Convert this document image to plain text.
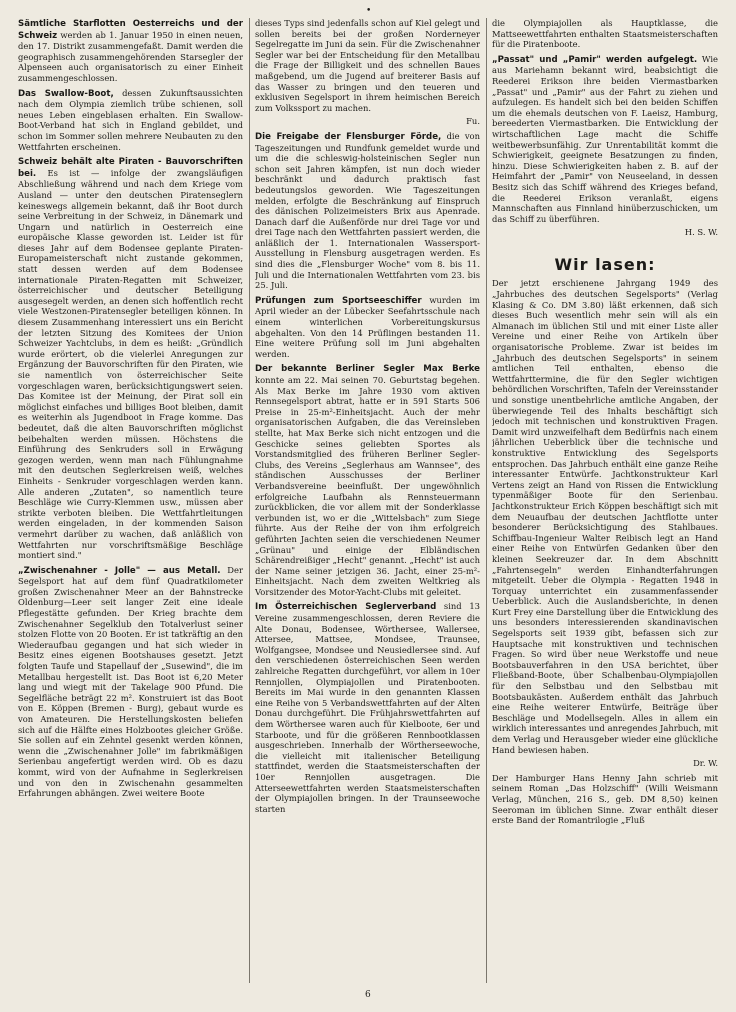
•

Sämtliche Starflotten Oesterreichs und der Schweiz werden ab 1. Januar 1950 in einen neuen, den 17. Distrikt zusammengefaßt. Damit werden die geographisch zusammengehörenden Starsegler der Alpenseen auch organisatorisch zu einer Einheit zusammengeschlossen.

Das Swallow-Boot, dessen Zukunftsaussichten nach dem Olympia ziemlich trübe schienen, soll neues Leben eingeblasen erhalten. Ein Swallow-Boot-Verband hat sich in England gebildet, und schon im Sommer sollen mehrere Neubauten zu den Wettfahrten erscheinen.

Schweiz behält alte Piraten - Bauvorschriften bei. Es ist — infolge der zwangsläufigen Abschließung während und nach dem Kriege vom Ausland — unter den deutschen Piratenseglern keineswegs allgemein bekannt, daß ihr Boot durch seine Verbreitung in der Schweiz, in Dänemark und Ungarn und natürlich in Oesterreich eine europäische Klasse geworden ist. Leider ist für dieses Jahr auf dem Bodensee geplante Piraten-Europameisterschaft nicht zustande gekommen, statt dessen werden auf dem Bodensee internationale Piraten-Regatten mit Schweizer, österreichischer und deutscher Beteiligung ausgesegelt werden, an denen sich hoffentlich recht viele Westzonen-Piratensegler beteiligen können. In diesem Zusammenhang interessiert uns ein Bericht der letzten Sitzung des Komitees der Union Schweizer Yachtclubs, in dem es heißt: „Gründlich wurde erörtert, ob die vielerlei Anregungen zur Ergänzung der Bauvorschriften für den Piraten, wie sie namentlich von österreichischer Seite vorgeschlagen waren, berücksichtigungswert seien. Das Komitee ist der Meinung, der Pirat soll ein möglichst einfaches und billiges Boot bleiben, damit es weiterhin als Jugendboot in Frage komme. Das bedeutet, daß die alten Bauvorschriften möglichst beibehalten werden müssen. Höchstens die Einführung des Senkruders soll in Erwägung gezogen werden, wenn man nach Fühlungnahme mit den deutschen Seglerkreisen weiß, welches Einheits - Senkruder vorgeschlagen werden kann. Alle anderen „Zutaten", so namentlich teure Beschläge wie Curry-Klemmen usw., müssen aber strikte verboten bleiben. Die Wettfahrtleitungen werden eingeladen, in der kommenden Saison vermehrt darüber zu wachen, daß anläßlich von Wettfahrten nur vorschriftsmäßige Beschläge montiert sind."

„Zwischenahner - Jolle" — aus Metall. Der Segelsport hat auf dem fünf Quadratkilometer großen Zwischenahner Meer an der Bahnstrecke Oldenburg—Leer seit langer Zeit eine ideale Pflegestätte gefunden. Der Krieg brachte dem Zwischenahner Segelklub den Totalverlust seiner stolzen Flotte von 20 Booten. Er ist tatkräftig an den Wiederaufbau gegangen und hat sich wieder in Besitz eines eigenen Bootshauses gesetzt. Jetzt folgten Taufe und Stapellauf der „Susewind", die im Metallbau hergestellt ist. Das Boot ist 6,20 Meter lang und wiegt mit der Takelage 900 Pfund. Die Segelfläche beträgt 22 m². Konstruiert ist das Boot von E. Köppen (Bremen - Burg), gebaut wurde es von Amateuren. Die Herstellungskosten beliefen sich auf die Hälfte eines Holzbootes gleicher Größe. Sie sollen auf ein Zehntel gesenkt werden können, wenn die „Zwischenahner Jolle" im fabrikmäßigen Serienbau angefertigt werden wird. Ob es dazu kommt, wird von der Aufnahme in Seglerkreisen und von den in Zwischenahn gesammelten Erfahrungen abhängen. Zwei weitere Boote

dieses Typs sind jedenfalls schon auf Kiel gelegt und sollen bereits bei der großen Norderneyer Segelregatte im Juni da sein. Für die Zwischenahner Segler war bei der Entscheidung für den Metallbau die Frage der Billigkeit und des schnellen Baues maßgebend, um die Jugend auf breiterer Basis auf das Wasser zu bringen und den teueren und exklusiven Segelsport in ihrem heimischen Bereich zum Volkssport zu machen.

Fu.

Die Freigabe der Flensburger Förde, die von Tageszeitungen und Rundfunk gemeldet wurde und um die die schleswig-holsteinischen Segler nun schon seit Jahren kämpfen, ist nun doch wieder beschränkt und dadurch praktisch fast bedeutungslos geworden. Wie Tageszeitungen melden, erfolgte die Beschränkung auf Einspruch des dänischen Polizeimeisters Brix aus Apenrade. Danach darf die Außenförde nur drei Tage vor und drei Tage nach den Wettfahrten passiert werden, die anläßlich der 1. Internationalen Wassersport-Ausstellung in Flensburg ausgetragen werden. Es sind dies die „Flensburger Woche" vom 8. bis 11. Juli und die Internationalen Wettfahrten vom 23. bis 25. Juli.

Prüfungen zum Sportseeschiffer wurden im April wieder an der Lübecker Seefahrtsschule nach einem winterlichen Vorbereitungskursus abgehalten. Von den 14 Prüflingen bestanden 11. Eine weitere Prüfung soll im Juni abgehalten werden.

Der bekannte Berliner Segler Max Berke konnte am 22. Mai seinen 70. Geburtstag begehen. Als Max Berke im Jahre 1930 vom aktiven Rennsegelsport abtrat, hatte er in 591 Starts 506 Preise in 25-m²-Einheitsjacht. Auch der mehr organisatorischen Aufgaben, die das Vereinsleben stellte, hat Max Berke sich nicht entzogen und die Geschicke seines geliebten Sportes als Vorstandsmitglied des früheren Berliner Segler-Clubs, des Vereins „Seglerhaus am Wannsee", des ständischen Ausschusses der Berliner Verbandsvereine beeinflußt. Der ungewöhnlich erfolgreiche Laufbahn als Rennsteuermann zurückblicken, die vor allem mit der Sonderklasse verbunden ist, wo er die „Wittelsbach" zum Siege führte. Aus der Reihe der von ihm erfolgreich geführten Jachten seien die verschiedenen Neumer „Grünau" und einige der Elbländischen Schärendreißiger „Hecht" genannt. „Hecht" ist auch der Name seiner jetzigen 36. Jacht, einer 25-m²-Einheitsjacht. Nach dem zweiten Weltkrieg als Vorsitzender des Motor-Yacht-Clubs mit geleitet.

Im Österreichischen Seglerverband sind 13 Vereine zusammengeschlossen, deren Reviere die Alte Donau, Bodensee, Wörthersee, Wallersee, Attersee, Mattsee, Mondsee, Traunsee, Wolfgangsee, Mondsee und Neusiedlersee sind. Auf den verschiedenen österreichischen Seen werden zahlreiche Regatten durchgeführt, vor allem in 10er Rennjollen, Olympiajollen und Piratenbooten. Bereits im Mai wurde in den genannten Klassen eine Reihe von 5 Verbandswettfahrten auf der Alten Donau durchgeführt. Die Frühjahrswettfahrten auf dem Wörthersee waren auch für Kielboote, 6er und Starboote, und für die größeren Rennbootklassen ausgeschrieben. Innerhalb der Wörtherseewoche, die vielleicht mit italienischer Beteiligung stattfindet, werden die Staatsmeisterschaften der 10er Rennjollen ausgetragen. Die Atterseewettfahrten werden Staatsmeisterschaften der Olympiajollen bringen. In der Traunseewoche starten

die Olympiajollen als Hauptklasse, die Mattseewettfahrten enthalten Staatsmeisterschaften für die Piratenboote.

„Passat" und „Pamir" werden aufgelegt. Wie aus Mariehamn bekannt wird, beabsichtigt die Reederei Erikson ihre beiden Viermastbarken „Passat" und „Pamir" aus der Fahrt zu ziehen und aufzulegen. Es handelt sich bei den beiden Schiffen um die ehemals deutschen von F. Laeisz, Hamburg, bereederten Viermastbarken. Die Entwicklung der wirtschaftlichen Lage macht die Schiffe weitbewerbsunfähig. Zur Unrentabilität kommt die Schwierigkeit, geeignete Besatzungen zu finden, hinzu. Diese Schwierigkeiten haben z. B. auf der Heimfahrt der „Pamir" von Neuseeland, in dessen Besitz sich das Schiff während des Krieges befand, die Reederei Erikson veranlaßt, eigens Mannschaften aus Finnland hinüberzuschicken, um das Schiff zu überführen.

H. S. W.
Wir lasen:

Der jetzt erschienene Jahrgang 1949 des „Jahrbuches des deutschen Segelsports" (Verlag Klasing & Co. DM 3.80) läßt erkennen, daß sich dieses Buch wesentlich mehr sein will als ein Almanach im üblichen Stil und mit einer Liste aller Vereine und einer Reihe von Artikeln über organisatorische Probleme. Zwar ist beides im „Jahrbuch des deutschen Segelsports" in seinem amtlichen Teil enthalten, ebenso die Wettfahrttermine, die für den Segler wichtigen behördlichen Vorschriften, Tafeln der Vereinsstander und sonstige unentbehrliche amtliche Angaben, der überwiegende Teil des Inhalts beschäftigt sich jedoch mit technischen und konstruktiven Fragen. Damit wird unzweifelhaft dem Bedürfnis nach einem jährlichen Ueberblick über die technische und konstruktive Entwicklung des Segelsports entsprochen. Das Jahrbuch enthält eine ganze Reihe interessanter Entwürfe. Jachtkonstrukteur Karl Vertens zeigt an Hand von Rissen die Entwicklung typenmäßiger Boote für den Serienbau. Jachtkonstrukteur Erich Köppen beschäftigt sich mit dem Neuaufbau der deutschen Jachtflotte unter besonderer Berücksichtigung des Stahlbaues. Schiffbau-Ingenieur Walter Reibisch legt an Hand einer Reihe von Entwürfen Gedanken über den kleinen Seekreuzer dar. In dem Abschnitt „Fahrtensegeln" werden Einhandterfahrungen mitgeteilt. Ueber die Olympia - Regatten 1948 in Torquay unterrichtet ein zusammenfassender Ueberblick. Auch die Auslandsberichte, in denen Kurt Frey eine Darstellung über die Entwicklung des uns besonders interessierenden skandinavischen Segelsports seit 1939 gibt, befassen sich zur Hauptsache mit konstruktiven und technischen Fragen. So wird über neue Werkstoffe und neue Bootsbauverfahren in den USA berichtet, über Fließband-Boote, über Schalbenbau-Olympiajollen für den Selbstbau und den Selbstbau mit Bootsbaukästen. Außerdem enthält das Jahrbuch eine Reihe weiterer Entwürfe, Beiträge über Beschläge und Modellsegeln. Alles in allem ein wirklich interessantes und anregendes Jahrbuch, mit dem Verlag und Herausgeber wieder eine glückliche Hand bewiesen haben.

Dr. W.

Der Hamburger Hans Henny Jahn schrieb mit seinem Roman „Das Holzschiff" (Willi Weismann Verlag, München, 216 S., geb. DM 8,50) keinen Seeroman im üblichen Sinne. Zwar enthält dieser erste Band der Romantrilogie „Fluß

6
